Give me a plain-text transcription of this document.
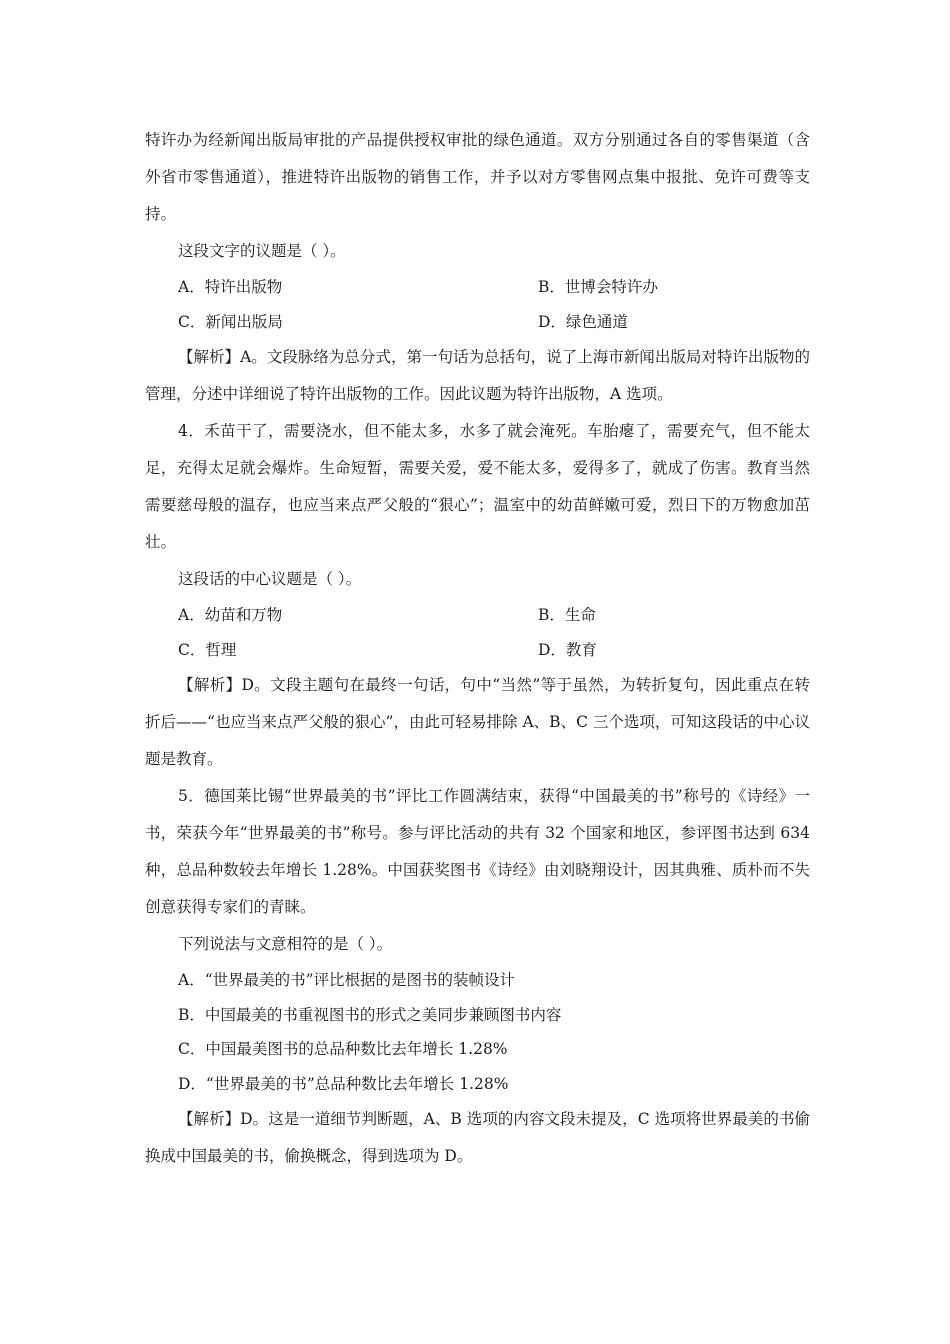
特许办为经新闻出版局审批的产品提供授权审批的绿色通道。双方分别通过各自的零售渠道（含外省市零售通道），推进特许出版物的销售工作，并予以对方零售网点集中报批、免许可费等支持。

这段文字的议题是（ ）。

A．特许出版物	B．世博会特许办
C．新闻出版局	D．绿色通道

【解析】A。文段脉络为总分式，第一句话为总括句，说了上海市新闻出版局对特许出版物的管理，分述中详细说了特许出版物的工作。因此议题为特许出版物，A 选项。

4．禾苗干了，需要浇水，但不能太多，水多了就会淹死。车胎瘪了，需要充气，但不能太足，充得太足就会爆炸。生命短暂，需要关爱，爱不能太多，爱得多了，就成了伤害。教育当然需要慈母般的温存，也应当来点严父般的“狠心”；温室中的幼苗鲜嫩可爱，烈日下的万物愈加茁壮。

这段话的中心议题是（ ）。

A．幼苗和万物	B．生命
C．哲理	D．教育

【解析】D。文段主题句在最终一句话，句中“当然”等于虽然，为转折复句，因此重点在转折后——“也应当来点严父般的狠心”，由此可轻易排除 A、B、C 三个选项，可知这段话的中心议题是教育。

5．德国莱比锡“世界最美的书”评比工作圆满结束，获得“中国最美的书”称号的《诗经》一书，荣获今年“世界最美的书”称号。参与评比活动的共有 32 个国家和地区，参评图书达到 634 种，总品种数较去年增长 1.28%。中国获奖图书《诗经》由刘晓翔设计，因其典雅、质朴而不失创意获得专家们的青睐。

下列说法与文意相符的是（ ）。

A．“世界最美的书”评比根据的是图书的装帧设计

B．中国最美的书重视图书的形式之美同步兼顾图书内容

C．中国最美图书的总品种数比去年增长 1.28%

D．“世界最美的书”总品种数比去年增长 1.28%

【解析】D。这是一道细节判断题，A、B 选项的内容文段未提及，C 选项将世界最美的书偷换成中国最美的书，偷换概念，得到选项为 D。
